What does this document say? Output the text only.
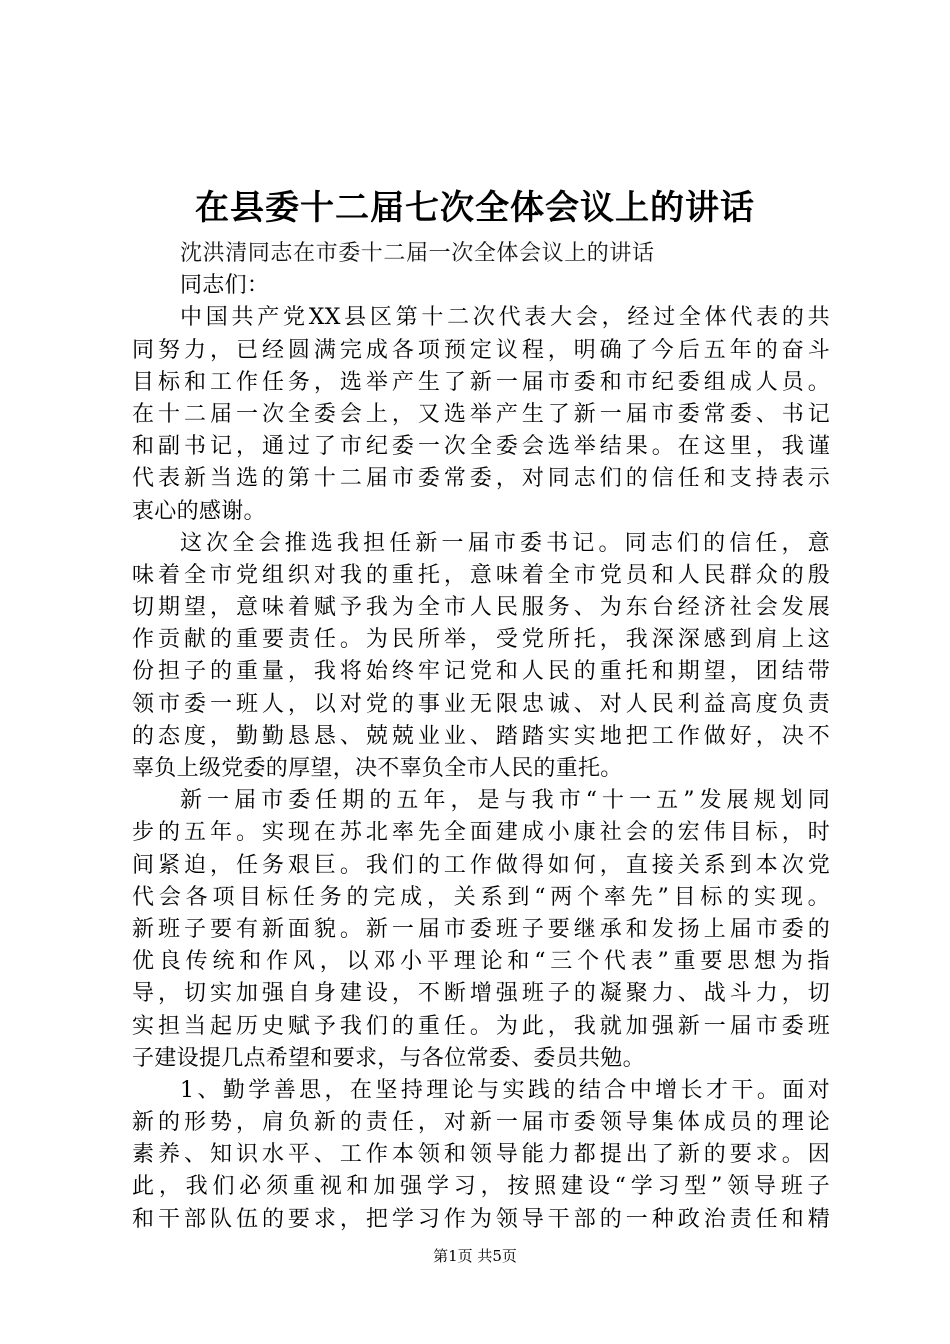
在县委十二届七次全体会议上的讲话
沈洪清同志在市委十二届一次全体会议上的讲话
同志们：
中国共产党XX县区第十二次代表大会，经过全体代表的共
同努力，已经圆满完成各项预定议程，明确了今后五年的奋斗
目标和工作任务，选举产生了新一届市委和市纪委组成人员。
在十二届一次全委会上，又选举产生了新一届市委常委、书记
和副书记，通过了市纪委一次全委会选举结果。在这里，我谨
代表新当选的第十二届市委常委，对同志们的信任和支持表示
衷心的感谢。
这次全会推选我担任新一届市委书记。同志们的信任，意
味着全市党组织对我的重托，意味着全市党员和人民群众的殷
切期望，意味着赋予我为全市人民服务、为东台经济社会发展
作贡献的重要责任。为民所举，受党所托，我深深感到肩上这
份担子的重量，我将始终牢记党和人民的重托和期望，团结带
领市委一班人，以对党的事业无限忠诚、对人民利益高度负责
的态度，勤勤恳恳、兢兢业业、踏踏实实地把工作做好，决不
辜负上级党委的厚望，决不辜负全市人民的重托。
新一届市委任期的五年，是与我市“十一五”发展规划同
步的五年。实现在苏北率先全面建成小康社会的宏伟目标，时
间紧迫，任务艰巨。我们的工作做得如何，直接关系到本次党
代会各项目标任务的完成，关系到“两个率先”目标的实现。
新班子要有新面貌。新一届市委班子要继承和发扬上届市委的
优良传统和作风，以邓小平理论和“三个代表”重要思想为指
导，切实加强自身建设，不断增强班子的凝聚力、战斗力，切
实担当起历史赋予我们的重任。为此，我就加强新一届市委班
子建设提几点希望和要求，与各位常委、委员共勉。
1、勤学善思，在坚持理论与实践的结合中增长才干。面对
新的形势，肩负新的责任，对新一届市委领导集体成员的理论
素养、知识水平、工作本领和领导能力都提出了新的要求。因
此，我们必须重视和加强学习，按照建设“学习型”领导班子
和干部队伍的要求，把学习作为领导干部的一种政治责任和精
第1页 共5页
